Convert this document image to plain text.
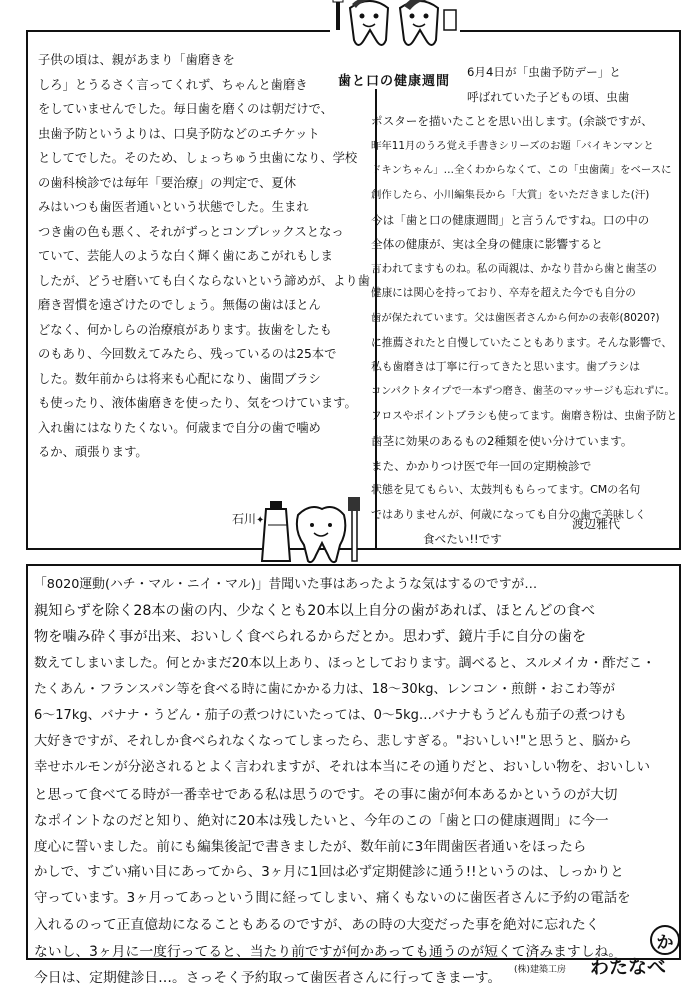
歯と口の健康週間
子供の頃は、親があまり「歯磨きを
しろ」とうるさく言ってくれず、ちゃんと歯磨き
をしていませんでした。毎日歯を磨くのは朝だけで、
虫歯予防というよりは、口臭予防などのエチケット
としてでした。そのため、しょっちゅう虫歯になり、学校
の歯科検診では毎年「要治療」の判定で、夏休
みはいつも歯医者通いという状態でした。生まれ
つき歯の色も悪く、それがずっとコンプレックスとなっ
ていて、芸能人のような白く輝く歯にあこがれもしま
したが、どうせ磨いても白くならないという諦めが、より歯
磨き習慣を遠ざけたのでしょう。無傷の歯はほとん
どなく、何かしらの治療痕があります。抜歯をしたも
のもあり、今回数えてみたら、残っているのは25本で
した。数年前からは将来も心配になり、歯間ブラシ
も使ったり、液体歯磨きを使ったり、気をつけています。
入れ歯にはなりたくない。何歳まで自分の歯で噛め
るか、頑張ります。
石川 ✦
6月4日が「虫歯予防デー」と
呼ばれていた子どもの頃、虫歯
ポスターを描いたことを思い出します。(余談ですが、
昨年11月のうろ覚え手書きシリーズのお題「バイキンマンと
ドキンちゃん」…全くわからなくて、この「虫歯菌」をベースに
創作したら、小川編集長から「大賞」をいただきました(汗)
今は「歯と口の健康週間」と言うんですね。口の中の
全体の健康が、実は全身の健康に影響すると
言われてますものね。私の両親は、かなり昔から歯と歯茎の
健康には関心を持っており、卒寿を超えた今でも自分の
歯が保たれています。父は歯医者さんから何かの表彰(8020?)
に推薦されたと自慢していたこともあります。そんな影響で、
私も歯磨きは丁寧に行ってきたと思います。歯ブラシは
コンパクトタイプで一本ずつ磨き、歯茎のマッサージも忘れずに。
フロスやポイントブラシも使ってます。歯磨き粉は、虫歯予防と
歯茎に効果のあるもの2種類を使い分けています。
また、かかりつけ医で年一回の定期検診で
状態を見てもらい、太鼓判ももらってます。CMの名句
ではありませんが、何歳になっても自分の歯で美味しく
食べたい!!です
渡辺雅代
「8020運動(ハチ・マル・ニイ・マル)」昔聞いた事はあったような気はするのですが…
親知らずを除く28本の歯の内、少なくとも20本以上自分の歯があれば、ほとんどの食べ
物を噛み砕く事が出来、おいしく食べられるからだとか。思わず、鏡片手に自分の歯を
数えてしまいました。何とかまだ20本以上あり、ほっとしております。調べると、スルメイカ・酢だこ・
たくあん・フランスパン等を食べる時に歯にかかる力は、18〜30kg、レンコン・煎餅・おこわ等が
6〜17kg、バナナ・うどん・茄子の煮つけにいたっては、0〜5kg…バナナもうどんも茄子の煮つけも
大好きですが、それしか食べられなくなってしまったら、悲しすぎる。"おいしい!"と思うと、脳から
幸せホルモンが分泌されるとよく言われますが、それは本当にその通りだと、おいしい物を、おいしい
と思って食べてる時が一番幸せである私は思うのです。その事に歯が何本あるかというのが大切
なポイントなのだと知り、絶対に20本は残したいと、今年のこの「歯と口の健康週間」に今一
度心に誓いました。前にも編集後記で書きましたが、数年前に3年間歯医者通いをほったら
かしで、すごい痛い目にあってから、3ヶ月に1回は必ず定期健診に通う!!というのは、しっかりと
守っています。3ヶ月ってあっという間に経ってしまい、痛くもないのに歯医者さんに予約の電話を
入れるのって正直億劫になることもあるのですが、あの時の大変だった事を絶対に忘れたく
ないし、3ヶ月に一度行ってると、当たり前ですが何かあっても通うのが短くて済みますしね。
今日は、定期健診日…。さっそく予約取って歯医者さんに行ってきまーす。
か
(株)建築工房 わたなべ
